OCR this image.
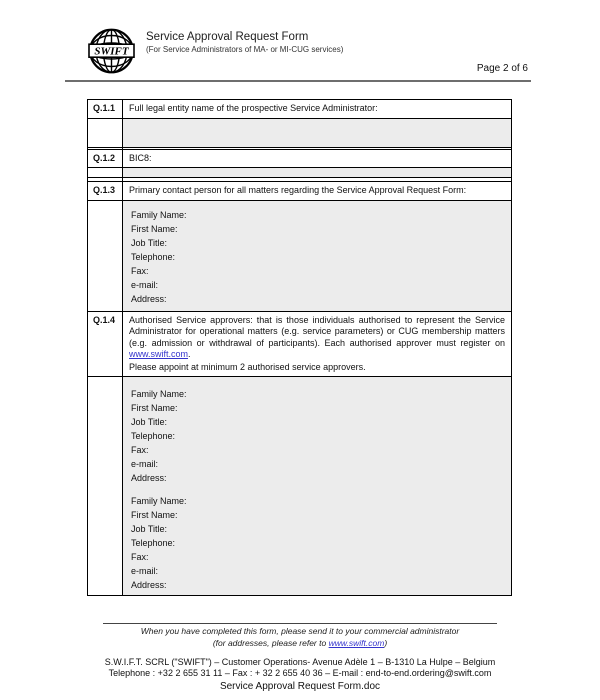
SWIFT
Service Approval Request Form
(For Service Administrators of MA- or MI-CUG services)
Page 2 of 6
Q.1.1	Full legal entity name of the prospective Service Administrator:

Q.1.2	BIC8:

Q.1.3	Primary contact person for all matters regarding the Service Approval Request Form:

Family Name:
First Name:
Job Title:
Telephone:
Fax:
e-mail:
Address:

Q.1.4	Authorised Service approvers: that is those individuals authorised to represent the Service Administrator for operational matters (e.g. service parameters) or CUG membership matters (e.g. admission or withdrawal of participants). Each authorised approver must register on www.swift.com.
Please appoint at minimum 2 authorised service approvers.

Family Name:
First Name:
Job Title:
Telephone:
Fax:
e-mail:
Address:
Family Name:
First Name:
Job Title:
Telephone:
Fax:
e-mail:
Address:
When you have completed this form, please send it to your commercial administrator
(for addresses, please refer to www.swift.com)
S.W.I.F.T. SCRL ("SWIFT") – Customer Operations- Avenue Adèle 1 – B-1310 La Hulpe – Belgium
Telephone : +32 2 655 31 11 – Fax : + 32 2 655 40 36 – E-mail : end-to-end.ordering@swift.com
Service Approval Request Form.doc
